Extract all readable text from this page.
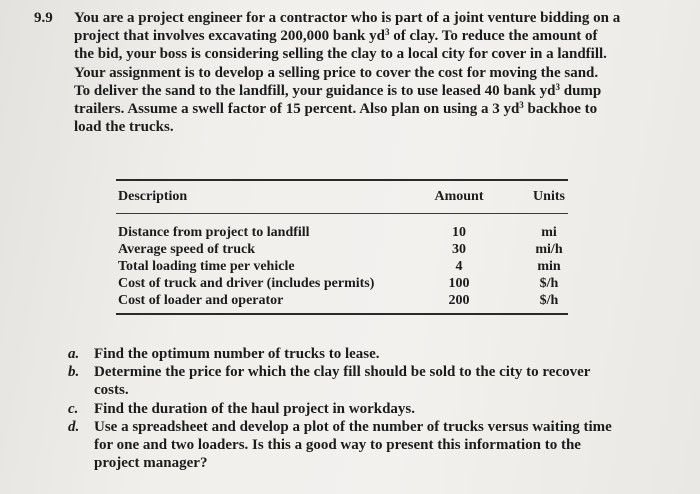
9.9 You are a project engineer for a contractor who is part of a joint venture bidding on a
project that involves excavating 200,000 bank $yd^3$ of clay. To reduce the amount of
the bid, your boss is considering selling the clay to a local city for cover in a landfill.
Your assignment is to develop a selling price to cover the cost for moving the sand.
To deliver the sand to the landfill, your guidance is to use leased 40 bank $yd^3$ dump
trailers. Assume a swell factor of 15 percent. Also plan on using a 3 $yd^3$ backhoe to
load the trucks.
Description	Amount	Units
Distance from project to landfill	10	mi
Average speed of truck	30	mi/h
Total loading time per vehicle	4	min
Cost of truck and driver (includes permits)	100	$/h
Cost of loader and operator	200	$/h
a. Find the optimum number of trucks to lease.
b. Determine the price for which the clay fill should be sold to the city to recover
costs.
c. Find the duration of the haul project in workdays.
d. Use a spreadsheet and develop a plot of the number of trucks versus waiting time
for one and two loaders. Is this a good way to present this information to the
project manager?
